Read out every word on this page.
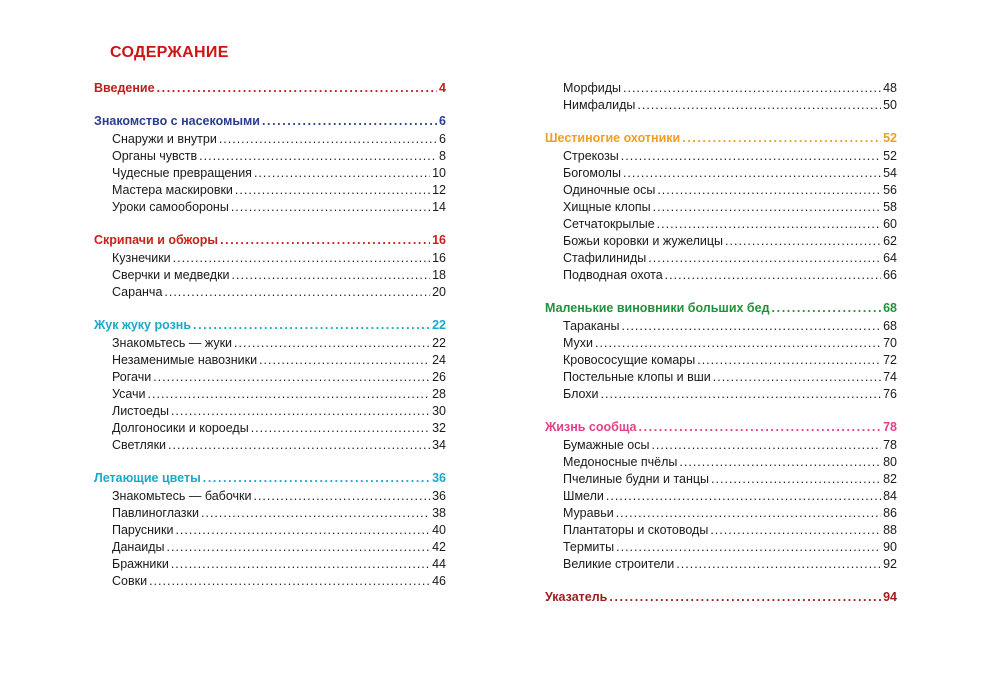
СОДЕРЖАНИЕ
Введение .....	4
Знакомство с насекомыми .....	6
Снаружи и внутри .....	6
Органы чувств .....	8
Чудесные превращения .....	10
Мастера маскировки .....	12
Уроки самообороны .....	14
Скрипачи и обжоры .....	16
Кузнечики .....	16
Сверчки и медведки .....	18
Саранча .....	20
Жук жуку рознь .....	22
Знакомьтесь — жуки .....	22
Незаменимые навозники .....	24
Рогачи .....	26
Усачи .....	28
Листоеды .....	30
Долгоносики и короеды .....	32
Светляки .....	34
Летающие цветы .....	36
Знакомьтесь — бабочки .....	36
Павлиноглазки .....	38
Парусники .....	40
Данаиды .....	42
Бражники .....	44
Совки .....	46
Морфиды .....	48
Нимфалиды .....	50
Шестиногие охотники .....	52
Стрекозы .....	52
Богомолы .....	54
Одиночные осы .....	56
Хищные клопы .....	58
Сетчатокрылые .....	60
Божьи коровки и жужелицы .....	62
Стафилиниды .....	64
Подводная охота .....	66
Маленькие виновники больших бед .....	68
Тараканы .....	68
Мухи .....	70
Кровососущие комары .....	72
Постельные клопы и вши .....	74
Блохи .....	76
Жизнь сообща .....	78
Бумажные осы .....	78
Медоносные пчёлы .....	80
Пчелиные будни и танцы .....	82
Шмели .....	84
Муравьи .....	86
Плантаторы и скотоводы .....	88
Термиты .....	90
Великие строители .....	92
Указатель .....	94
